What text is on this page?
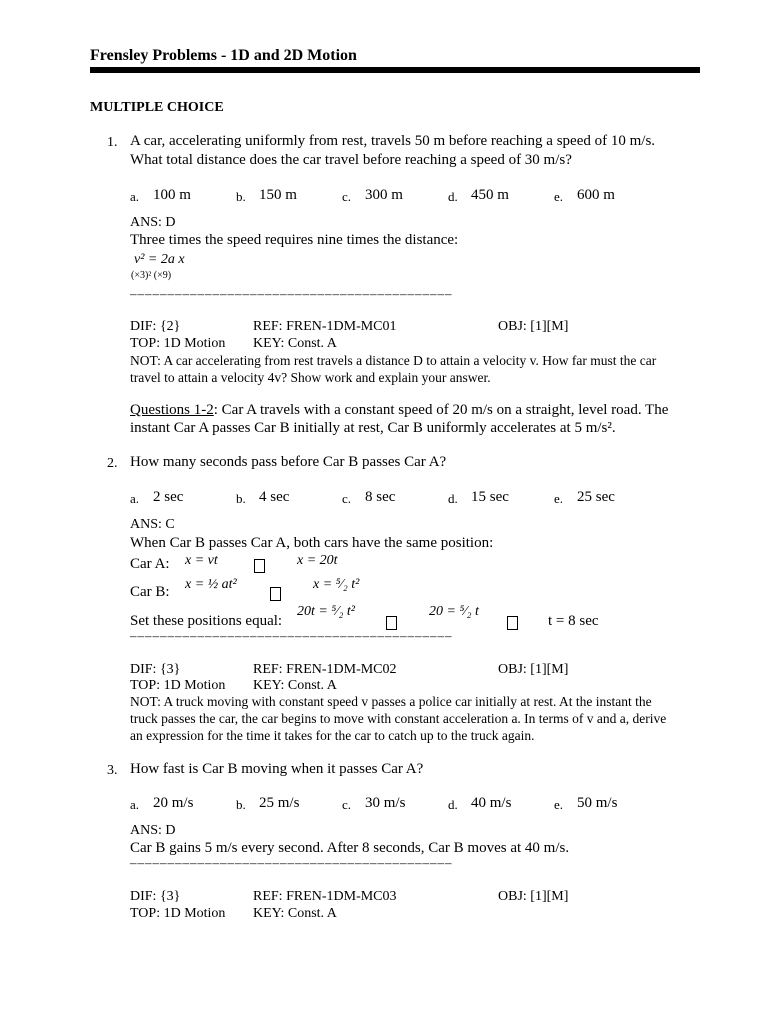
Frensley Problems - 1D and 2D Motion
MULTIPLE CHOICE
1. A car, accelerating uniformly from rest, travels 50 m before reaching a speed of 10 m/s.
What total distance does the car travel before reaching a speed of 30 m/s?
a. 100 m	b. 150 m	c. 300 m	d. 450 m	e. 600 m
ANS: D
Three times the speed requires nine times the distance:
v² = 2a x
(×3)² (×9)
–––––––––––––––––––––––––––––––––––––––––––
DIF: {2}	REF: FREN-1DM-MC01	OBJ: [1][M]
TOP: 1D Motion KEY: Const. A
NOT: A car accelerating from rest travels a distance D to attain a velocity v. How far must the car
travel to attain a velocity 4v? Show work and explain your answer.
Questions 1-2: Car A travels with a constant speed of 20 m/s on a straight, level road. The
instant Car A passes Car B initially at rest, Car B uniformly accelerates at 5 m/s².
2. How many seconds pass before Car B passes Car A?
a. 2 sec	b. 4 sec	c. 8 sec	d. 15 sec	e. 25 sec
ANS: C
When Car B passes Car A, both cars have the same position:
Car A: x = vt	x = 20t
Car B: x = ½ at²	x = ⁵⁄₂ t²
Set these positions equal:
20t = ⁵⁄₂ t²	20 = ⁵⁄₂ t
t = 8 sec
–––––––––––––––––––––––––––––––––––––––––––
DIF: {3}	REF: FREN-1DM-MC02	OBJ: [1][M]
TOP: 1D Motion KEY: Const. A
NOT: A truck moving with constant speed v passes a police car initially at rest. At the instant the
truck passes the car, the car begins to move with constant acceleration a. In terms of v and a, derive
an expression for the time it takes for the car to catch up to the truck again.
3. How fast is Car B moving when it passes Car A?
a. 20 m/s	b. 25 m/s	c. 30 m/s	d. 40 m/s	e. 50 m/s
ANS: D
Car B gains 5 m/s every second. After 8 seconds, Car B moves at 40 m/s.
–––––––––––––––––––––––––––––––––––––––––––
DIF: {3}	REF: FREN-1DM-MC03	OBJ: [1][M]
TOP: 1D Motion KEY: Const. A
